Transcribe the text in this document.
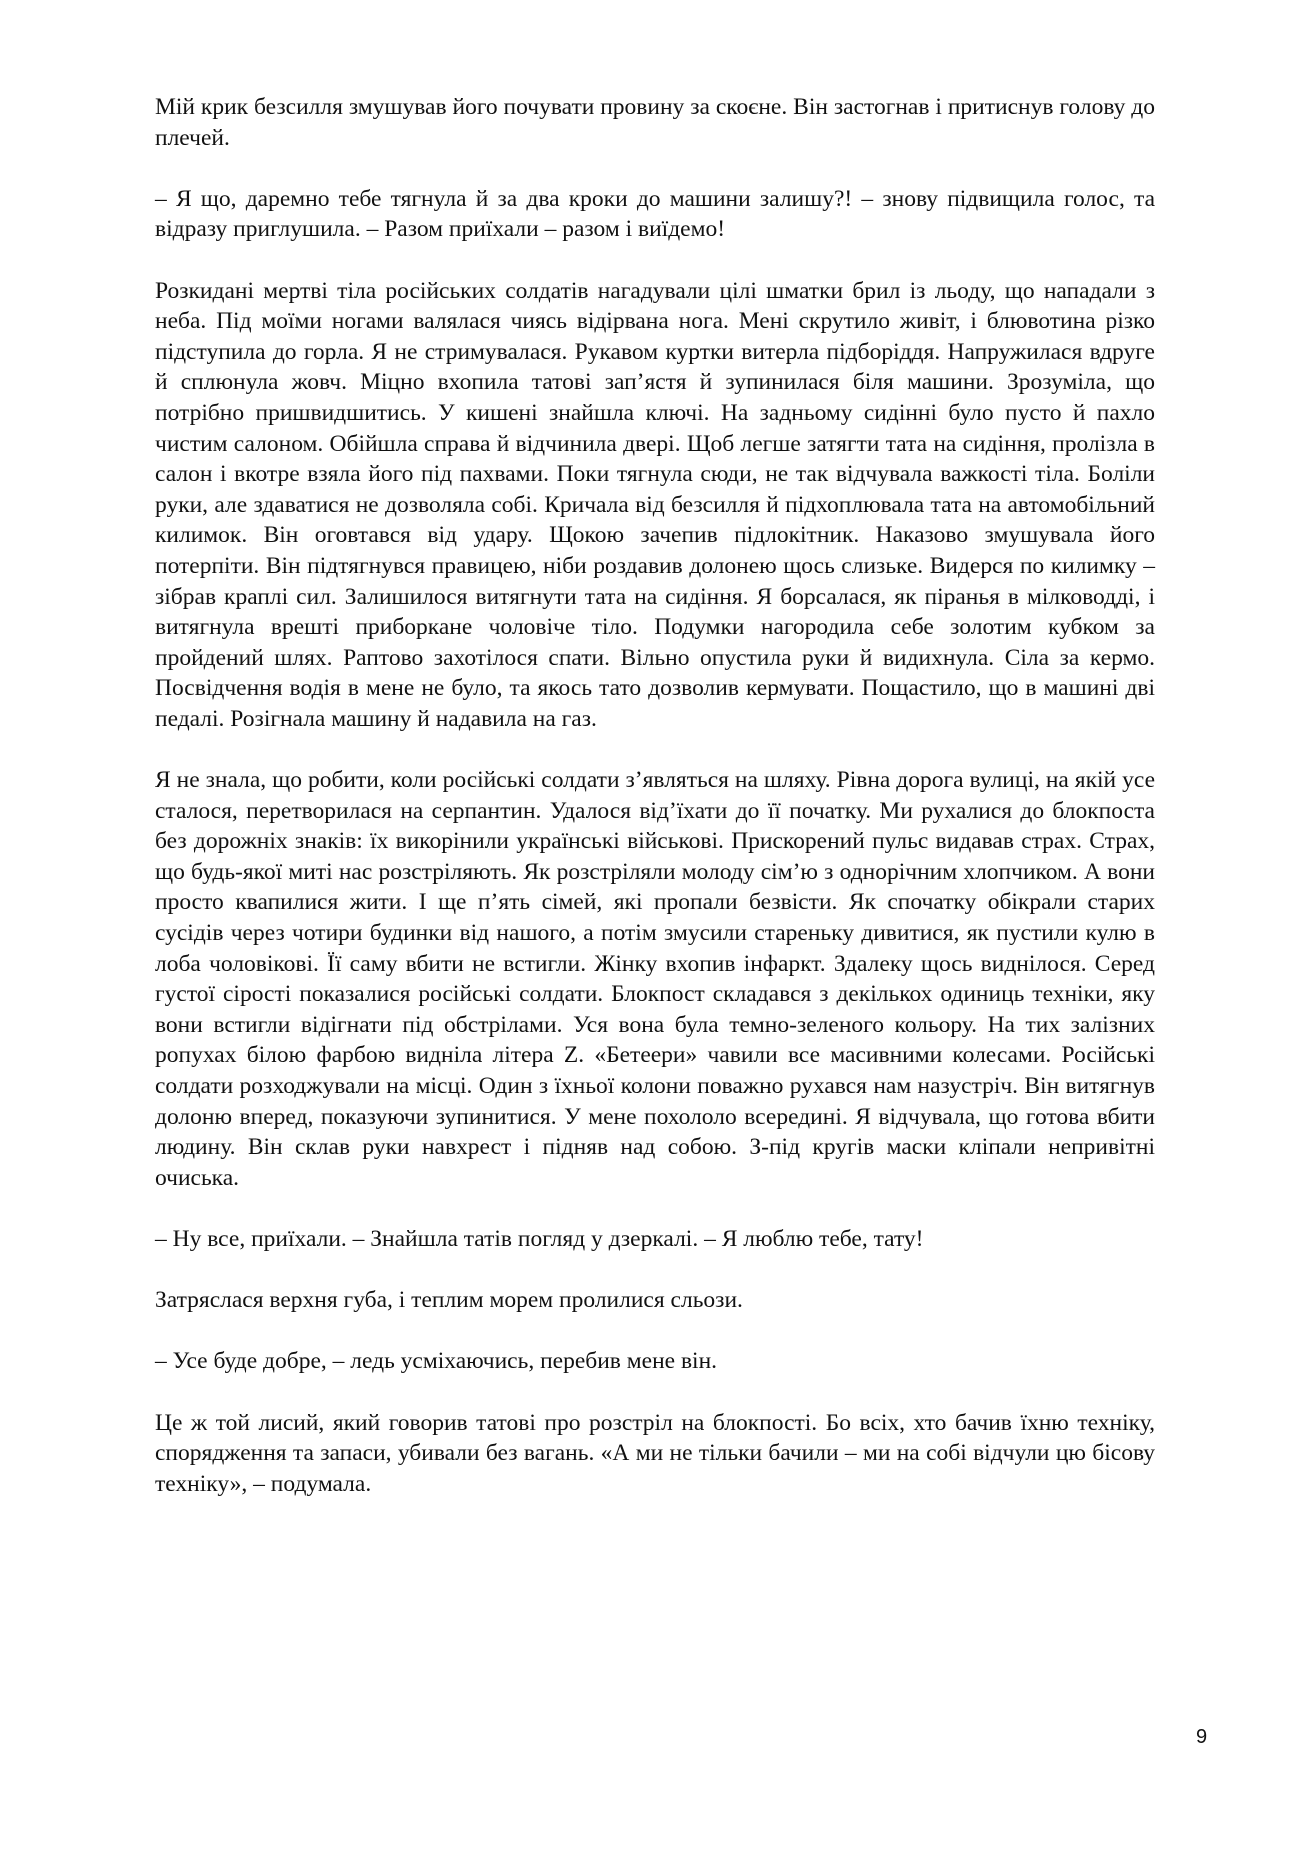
Мій крик безсилля змушував його почувати провину за скоєне. Він застогнав і притиснув голову до плечей.

– Я що, даремно тебе тягнула й за два кроки до машини залишу?! – знову підвищила голос, та відразу приглушила. – Разом приїхали – разом і виїдемо!

Розкидані мертві тіла російських солдатів нагадували цілі шматки брил із льоду, що нападали з неба. Під моїми ногами валялася чиясь відірвана нога. Мені скрутило живіт, і блювотина різко підступила до горла. Я не стримувалася. Рукавом куртки витерла підборіддя. Напружилася вдруге й сплюнула жовч. Міцно вхопила татові зап’ястя й зупинилася біля машини. Зрозуміла, що потрібно пришвидшитись. У кишені знайшла ключі. На задньому сидінні було пусто й пахло чистим салоном. Обійшла справа й відчинила двері. Щоб легше затягти тата на сидіння, пролізла в салон і вкотре взяла його під пахвами. Поки тягнула сюди, не так відчувала важкості тіла. Боліли руки, але здаватися не дозволяла собі. Кричала від безсилля й підхоплювала тата на автомобільний килимок. Він оговтався від удару. Щокою зачепив підлокітник. Наказово змушувала його потерпіти. Він підтягнувся правицею, ніби роздавив долонею щось слизьке. Видерся по килимку – зібрав краплі сил. Залишилося витягнути тата на сидіння. Я борсалася, як піранья в мілководді, і витягнула врешті приборкане чоловіче тіло. Подумки нагородила себе золотим кубком за пройдений шлях. Раптово захотілося спати. Вільно опустила руки й видихнула. Сіла за кермо. Посвідчення водія в мене не було, та якось тато дозволив кермувати. Пощастило, що в машині дві педалі. Розігнала машину й надавила на газ.

Я не знала, що робити, коли російські солдати з’являться на шляху. Рівна дорога вулиці, на якій усе сталося, перетворилася на серпантин. Удалося від’їхати до її початку. Ми рухалися до блокпоста без дорожніх знаків: їх викорінили українські військові. Прискорений пульс видавав страх. Страх, що будь-якої миті нас розстріляють. Як розстріляли молоду сім’ю з однорічним хлопчиком. А вони просто квапилися жити. І ще п’ять сімей, які пропали безвісти. Як спочатку обікрали старих сусідів через чотири будинки від нашого, а потім змусили стареньку дивитися, як пустили кулю в лоба чоловікові. Її саму вбити не встигли. Жінку вхопив інфаркт. Здалеку щось виднілося. Серед густої сірості показалися російські солдати. Блокпост складався з декількох одиниць техніки, яку вони встигли відігнати під обстрілами. Уся вона була темно-зеленого кольору. На тих залізних ропухах білою фарбою виднілa літера Z. «Бетеери» чавили все масивними колесами. Російські солдати розходжували на місці. Один з їхньої колони поважно рухався нам назустріч. Він витягнув долоню вперед, показуючи зупинитися. У мене похололо всередині. Я відчувала, що готова вбити людину. Він склав руки навхрест і підняв над собою. З-під кругів маски кліпали непривітні очиська.

– Ну все, приїхали. – Знайшла татів погляд у дзеркалі. – Я люблю тебе, тату!

Затряслася верхня губа, і теплим морем пролилися сльози.

– Усе буде добре, – ледь усміхаючись, перебив мене він.

Це ж той лисий, який говорив татові про розстріл на блокпості. Бо всіх, хто бачив їхню техніку, спорядження та запаси, убивали без вагань. «А ми не тільки бачили – ми на собі відчули цю бісову техніку», – подумала.

9
